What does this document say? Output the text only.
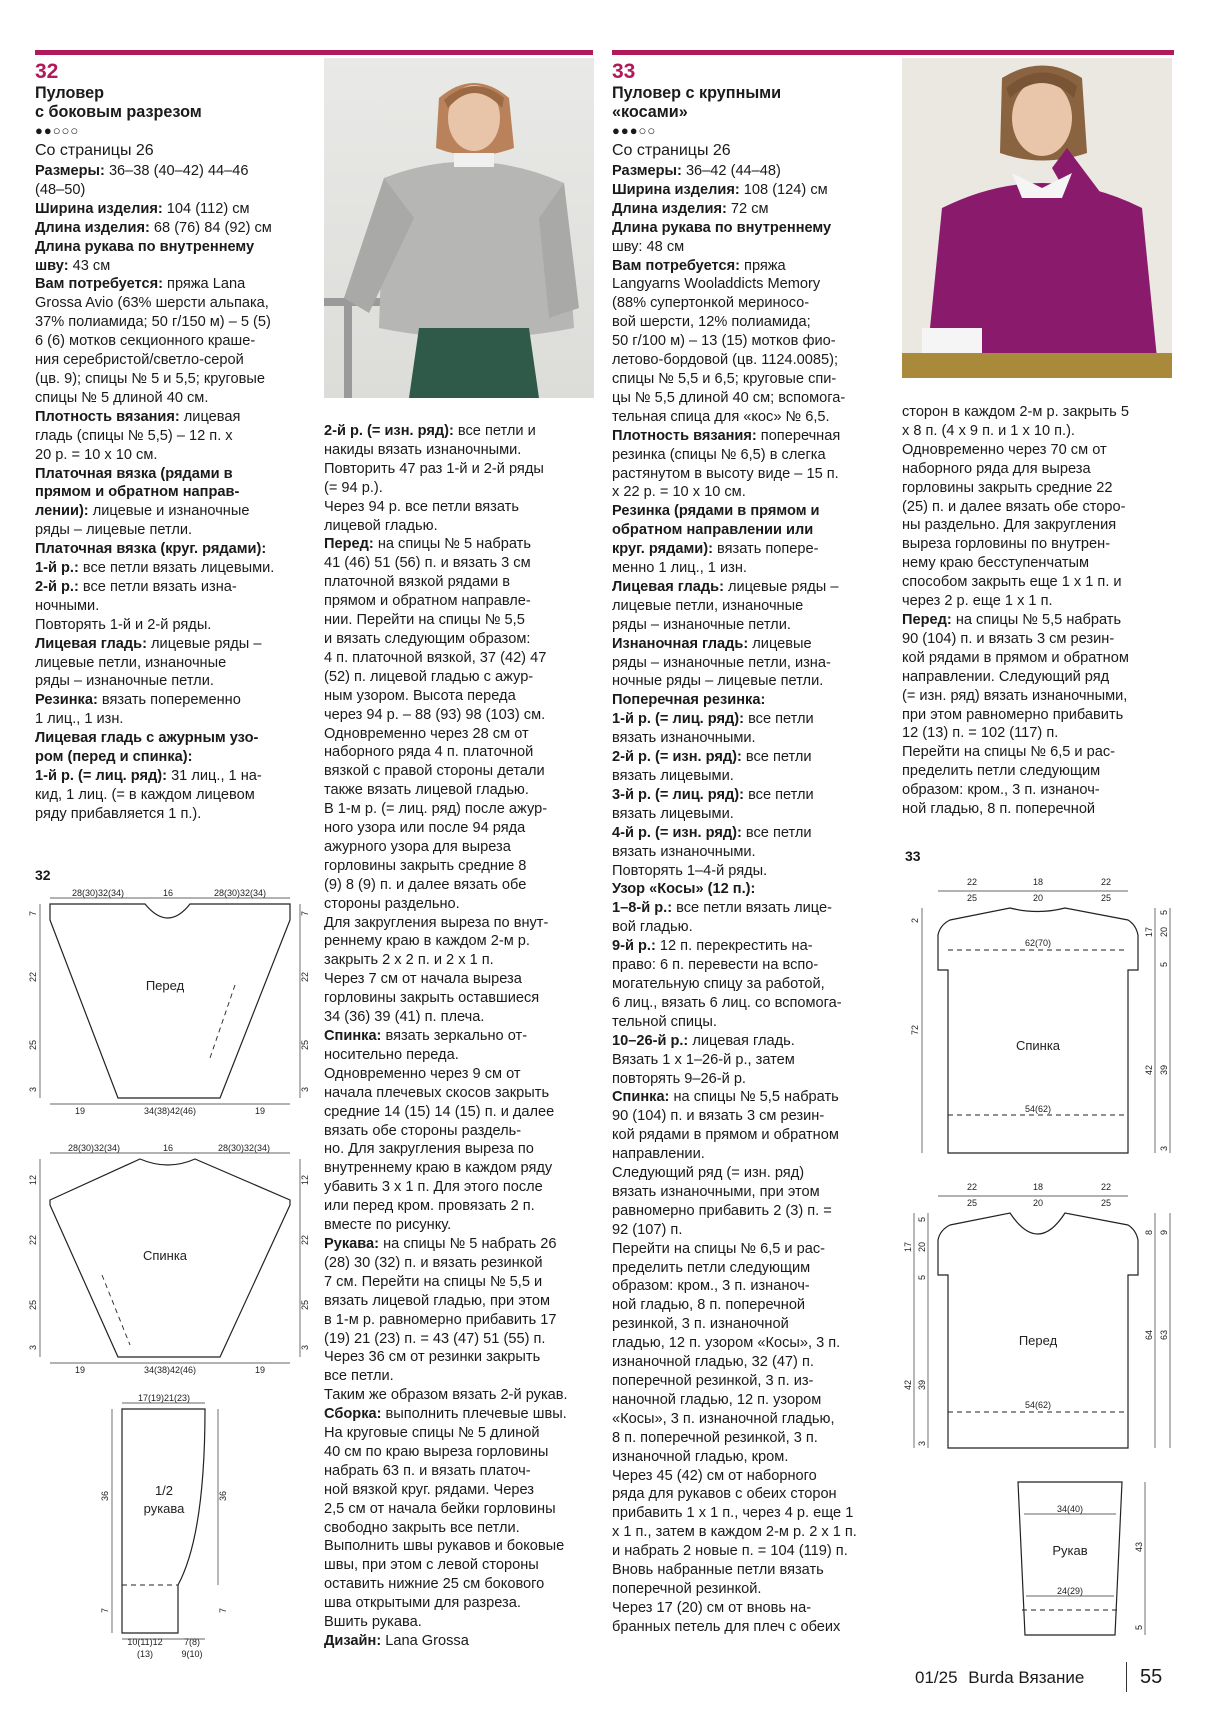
32
Пуловер
с боковым разрезом
●●○○○
Со страницы 26

Размеры: 36–38 (40–42) 44–46

(48–50)

Ширина изделия: 104 (112) см

Длина изделия: 68 (76) 84 (92) см

Длина рукава по внутреннему

шву: 43 см

Вам потребуется: пряжа Lana

Grossa Avio (63% шерсти альпака,

37% полиамида; 50 г/150 м) – 5 (5)

6 (6) мотков секционного краше-

ния серебристой/светло-серой

(цв. 9); спицы № 5 и 5,5; круговые

спицы № 5 длиной 40 см.

Плотность вязания: лицевая

гладь (спицы № 5,5) – 12 п. х

20 р. = 10 х 10 см.

Платочная вязка (рядами в

прямом и обратном направ-

лении): лицевые и изнаночные

ряды – лицевые петли.

Платочная вязка (круг. рядами):

1-й р.: все петли вязать лицевыми.

2-й р.: все петли вязать изна-

ночными.

Повторять 1-й и 2-й ряды.

Лицевая гладь: лицевые ряды –

лицевые петли, изнаночные

ряды – изнаночные петли.

Резинка: вязать попеременно

1 лиц., 1 изн.

Лицевая гладь с ажурным узо-

ром (перед и спинка):

1-й р. (= лиц. ряд): 31 лиц., 1 на-

кид, 1 лиц. (= в каждом лицевом

ряду прибавляется 1 п.).

2-й р. (= изн. ряд): все петли и

накиды вязать изнаночными.

Повторить 47 раз 1-й и 2-й ряды

(= 94 р.).

Через 94 р. все петли вязать

лицевой гладью.

Перед: на спицы № 5 набрать

41 (46) 51 (56) п. и вязать 3 см

платочной вязкой рядами в

прямом и обратном направле-

нии. Перейти на спицы № 5,5

и вязать следующим образом:

4 п. платочной вязкой, 37 (42) 47

(52) п. лицевой гладью с ажур-

ным узором. Высота переда

через 94 р. – 88 (93) 98 (103) см.

Одновременно через 28 см от

наборного ряда 4 п. платочной

вязкой с правой стороны детали

также вязать лицевой гладью.

В 1-м р. (= лиц. ряд) после ажур-

ного узора или после 94 ряда

ажурного узора для выреза

горловины закрыть средние 8

(9) 8 (9) п. и далее вязать обе

стороны раздельно.

Для закругления выреза по внут-

реннему краю в каждом 2-м р.

закрыть 2 х 2 п. и 2 х 1 п.

Через 7 см от начала выреза

горловины закрыть оставшиеся

34 (36) 39 (41) п. плеча.

Спинка: вязать зеркально от-

носительно переда.

Одновременно через 9 см от

начала плечевых скосов закрыть

средние 14 (15) 14 (15) п. и далее

вязать обе стороны раздель-

но. Для закругления выреза по

внутреннему краю в каждом ряду

убавить 3 х 1 п. Для этого после

или перед кром. провязать 2 п.

вместе по рисунку.

Рукава: на спицы № 5 набрать 26

(28) 30 (32) п. и вязать резинкой

7 см. Перейти на спицы № 5,5 и

вязать лицевой гладью, при этом

в 1-м р. равномерно прибавить 17

(19) 21 (23) п. = 43 (47) 51 (55) п.

Через 36 см от резинки закрыть

все петли.

Таким же образом вязать 2-й рукав.

Сборка: выполнить плечевые швы.

На круговые спицы № 5 длиной

40 см по краю выреза горловины

набрать 63 п. и вязать платоч-

ной вязкой круг. рядами. Через

2,5 см от начала бейки горловины

свободно закрыть все петли.

Выполнить швы рукавов и боковые

швы, при этом с левой стороны

оставить нижние 25 см бокового

шва открытыми для разреза.

Вшить рукава.

Дизайн: Lana Grossa

33
Пуловер с крупными
«косами»
●●●○○
Со страницы 26

Размеры: 36–42 (44–48)

Ширина изделия: 108 (124) см

Длина изделия: 72 см

Длина рукава по внутреннему

шву: 48 см

Вам потребуется: пряжа

Langyarns Wooladdicts Memory

(88% супертонкой мериносо-

вой шерсти, 12% полиамида;

50 г/100 м) – 13 (15) мотков фио-

летово-бордовой (цв. 1124.0085);

спицы № 5,5 и 6,5; круговые спи-

цы № 5,5 длиной 40 см; вспомога-

тельная спица для «кос» № 6,5.

Плотность вязания: поперечная

резинка (спицы № 6,5) в слегка

растянутом в высоту виде – 15 п.

х 22 р. = 10 х 10 см.

Резинка (рядами в прямом и

обратном направлении или

круг. рядами): вязать попере-

менно 1 лиц., 1 изн.

Лицевая гладь: лицевые ряды –

лицевые петли, изнаночные

ряды – изнаночные петли.

Изнаночная гладь: лицевые

ряды – изнаночные петли, изна-

ночные ряды – лицевые петли.

Поперечная резинка:

1-й р. (= лиц. ряд): все петли

вязать изнаночными.

2-й р. (= изн. ряд): все петли

вязать лицевыми.

3-й р. (= лиц. ряд): все петли

вязать лицевыми.

4-й р. (= изн. ряд): все петли

вязать изнаночными.

Повторять 1–4-й ряды.

Узор «Косы» (12 п.):

1–8-й р.: все петли вязать лице-

вой гладью.

9-й р.: 12 п. перекрестить на-

право: 6 п. перевести на вспо-

могательную спицу за работой,

6 лиц., вязать 6 лиц. со вспомога-

тельной спицы.

10–26-й р.: лицевая гладь.

Вязать 1 х 1–26-й р., затем

повторять 9–26-й р.

Спинка: на спицы № 5,5 набрать

90 (104) п. и вязать 3 см резин-

кой рядами в прямом и обратном

направлении.

Следующий ряд (= изн. ряд)

вязать изнаночными, при этом

равномерно прибавить 2 (3) п. =

92 (107) п.

Перейти на спицы № 6,5 и рас-

пределить петли следующим

образом: кром., 3 п. изнаноч-

ной гладью, 8 п. поперечной

резинкой, 3 п. изнаночной

гладью, 12 п. узором «Косы», 3 п.

изнаночной гладью, 32 (47) п.

поперечной резинкой, 3 п. из-

наночной гладью, 12 п. узором

«Косы», 3 п. изнаночной гладью,

8 п. поперечной резинкой, 3 п.

изнаночной гладью, кром.

Через 45 (42) см от наборного

ряда для рукавов с обеих сторон

прибавить 1 х 1 п., через 4 р. еще 1

х 1 п., затем в каждом 2-м р. 2 х 1 п.

и набрать 2 новые п. = 104 (119) п.

Вновь набранные петли вязать

поперечной резинкой.

Через 17 (20) см от вновь на-

бранных петель для плеч с обеих

сторон в каждом 2-м р. закрыть 5

х 8 п. (4 х 9 п. и 1 х 10 п.).

Одновременно через 70 см от

наборного ряда для выреза

горловины закрыть средние 22

(25) п. и далее вязать обе сторо-

ны раздельно. Для закругления

выреза горловины по внутрен-

нему краю бесступенчатым

способом закрыть еще 1 х 1 п. и

через 2 р. еще 1 х 1 п.

Перед: на спицы № 5,5 набрать

90 (104) п. и вязать 3 см резин-

кой рядами в прямом и обратном

направлении. Следующий ряд

(= изн. ряд) вязать изнаночными,

при этом равномерно прибавить

12 (13) п. = 102 (117) п.

Перейти на спицы № 6,5 и рас-

пределить петли следующим

образом: кром., 3 п. изнаноч-

ной гладью, 8 п. поперечной

32
33
28(30)32(34)	16	28(30)32(34)
Перед
7
22
25
3
7
22
25
3
19	34(38)42(46)	19
28(30)32(34)	16	28(30)32(34)
Спинка
12
22
25
3
12
22
25
3
19	34(38)42(46)	19
17(19)21(23)
1/2
рукава
36	36
7	7
10(11)12
(13)
7(8)
9(10)
22	18	22
25	20	25
62(70)
54(62)
Спинка
2
72
17 20
5
5
42 39
3
22	18	22
25	20	25
54(62)
Перед
5
17 20
5
42 39
3
8 9
64 63
34(40)
24(29)
Рукав	43
5
01/25 Burda Вязание	55
